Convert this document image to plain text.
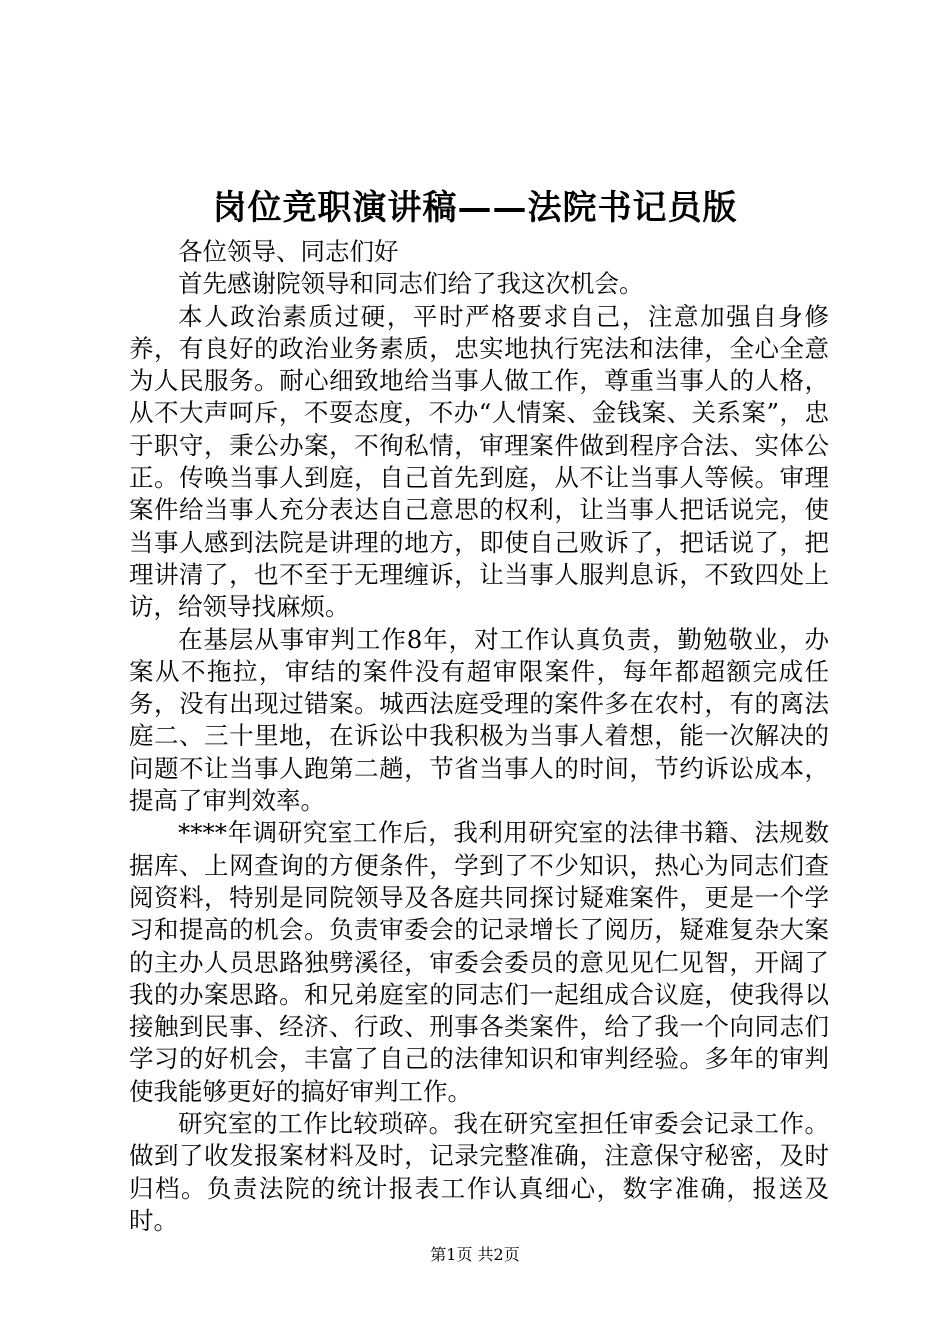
岗位竞职演讲稿——法院书记员版

各位领导、同志们好

首先感谢院领导和同志们给了我这次机会。

本人政治素质过硬，平时严格要求自己，注意加强自身修养，有良好的政治业务素质，忠实地执行宪法和法律，全心全意为人民服务。耐心细致地给当事人做工作，尊重当事人的人格，从不大声呵斥，不耍态度，不办“人情案、金钱案、关系案”，忠于职守，秉公办案，不徇私情，审理案件做到程序合法、实体公正。传唤当事人到庭，自己首先到庭，从不让当事人等候。审理案件给当事人充分表达自己意思的权利，让当事人把话说完，使当事人感到法院是讲理的地方，即使自己败诉了，把话说了，把理讲清了，也不至于无理缠诉，让当事人服判息诉，不致四处上访，给领导找麻烦。

在基层从事审判工作8年，对工作认真负责，勤勉敬业，办案从不拖拉，审结的案件没有超审限案件，每年都超额完成任务，没有出现过错案。城西法庭受理的案件多在农村，有的离法庭二、三十里地，在诉讼中我积极为当事人着想，能一次解决的问题不让当事人跑第二趟，节省当事人的时间，节约诉讼成本，提高了审判效率。

****年调研究室工作后，我利用研究室的法律书籍、法规数据库、上网查询的方便条件，学到了不少知识，热心为同志们查阅资料，特别是同院领导及各庭共同探讨疑难案件，更是一个学习和提高的机会。负责审委会的记录增长了阅历，疑难复杂大案的主办人员思路独劈溪径，审委会委员的意见见仁见智，开阔了我的办案思路。和兄弟庭室的同志们一起组成合议庭，使我得以接触到民事、经济、行政、刑事各类案件，给了我一个向同志们学习的好机会，丰富了自己的法律知识和审判经验。多年的审判使我能够更好的搞好审判工作。

研究室的工作比较琐碎。我在研究室担任审委会记录工作。做到了收发报案材料及时，记录完整准确，注意保守秘密，及时归档。负责法院的统计报表工作认真细心，数字准确，报送及时。

第1页 共2页
